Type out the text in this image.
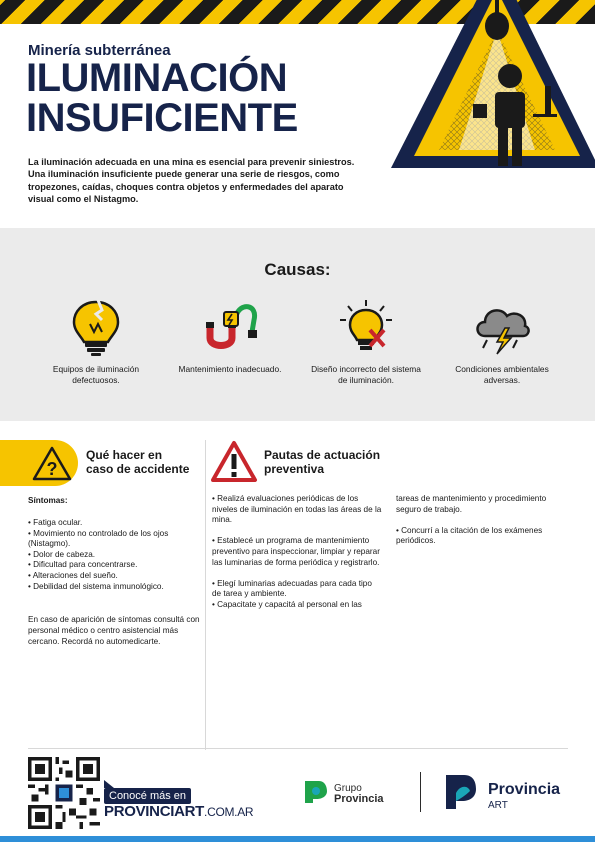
Minería subterránea
ILUMINACIÓN
INSUFICIENTE

La iluminación adecuada en una mina es esencial para prevenir siniestros. Una iluminación insuficiente puede generar una serie de riesgos, como tropezones, caídas, choques contra objetos y enfermedades del aparato visual como el Nistagmo.

Causas:
Equipos de iluminación defectuosos.
Mantenimiento inadecuado.	Diseño incorrecto del sistema de iluminación.
Condiciones ambientales adversas.
?
Qué hacer en
caso de accidente
Síntomas:
• Fatiga ocular.
• Movimiento no controlado de los ojos (Nistagmo).
• Dolor de cabeza.
• Dificultad para concentrarse.
• Alteraciones del sueño.
• Debilidad del sistema inmunológico.

En caso de aparición de síntomas consultá con personal médico o centro asistencial más cercano. Recordá no automedicarte.

Pautas de actuación
preventiva

• Realizá evaluaciones periódicas de los niveles de iluminación en todas las áreas de la mina.

• Establecé un programa de mantenimiento preventivo para inspeccionar, limpiar y reparar las luminarias de forma periódica y registrarlo.

• Elegí luminarias adecuadas para cada tipo de tarea y ambiente.

• Capacitate y capacitá al personal en las

tareas de mantenimiento y procedimiento seguro de trabajo.

• Concurrí a la citación de los exámenes periódicos.

Conocé más en
PROVINCIART.COM.AR
Grupo
Provincia
Provincia
ART
